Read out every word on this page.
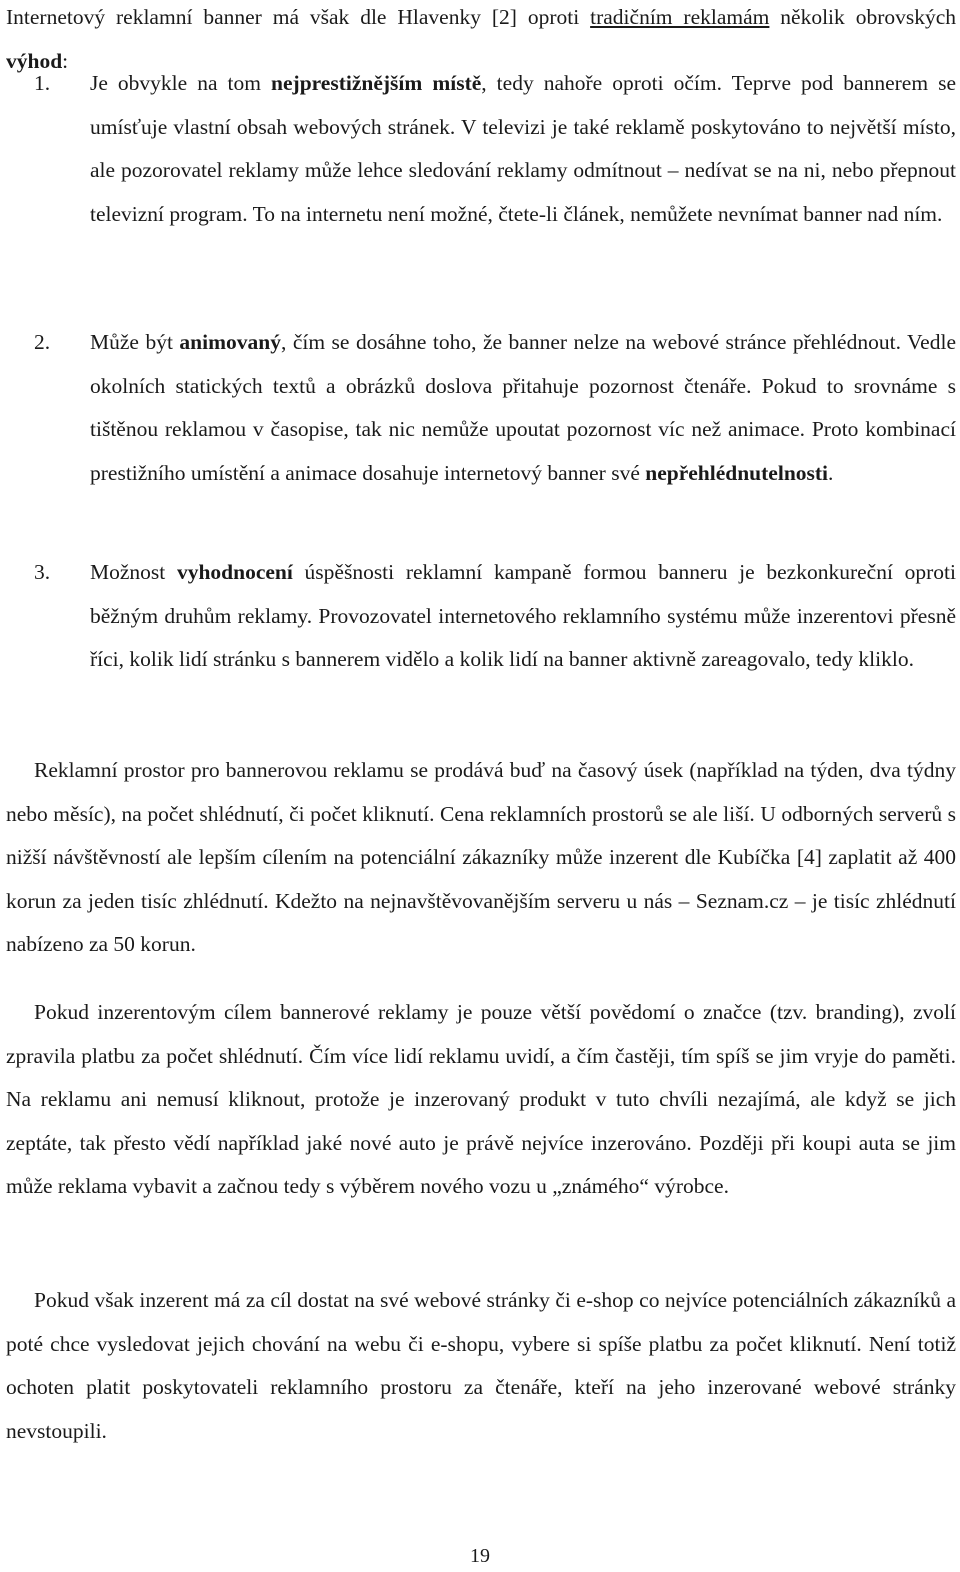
Internetový reklamní banner má však dle Hlavenky [2] oproti tradičním reklamám několik obrovských výhod:

1. Je obvykle na tom nejprestižnějším místě, tedy nahoře oproti očím. Teprve pod bannerem se umísťuje vlastní obsah webových stránek. V televizi je také reklamě poskytováno to největší místo, ale pozorovatel reklamy může lehce sledování reklamy odmítnout – nedívat se na ni, nebo přepnout televizní program. To na internetu není možné, čtete-li článek, nemůžete nevnímat banner nad ním.
2. Může být animovaný, čím se dosáhne toho, že banner nelze na webové stránce přehlédnout. Vedle okolních statických textů a obrázků doslova přitahuje pozornost čtenáře. Pokud to srovnáme s tištěnou reklamou v časopise, tak nic nemůže upoutat pozornost víc než animace. Proto kombinací prestižního umístění a animace dosahuje internetový banner své nepřehlédnutelnosti.
3. Možnost vyhodnocení úspěšnosti reklamní kampaně formou banneru je bezkonkureční oproti běžným druhům reklamy. Provozovatel internetového reklamního systému může inzerentovi přesně říci, kolik lidí stránku s bannerem vidělo a kolik lidí na banner aktivně zareagovalo, tedy kliklo.

Reklamní prostor pro bannerovou reklamu se prodává buď na časový úsek (například na týden, dva týdny nebo měsíc), na počet shlédnutí, či počet kliknutí. Cena reklamních prostorů se ale liší. U odborných serverů s nižší návštěvností ale lepším cílením na potenciální zákazníky může inzerent dle Kubíčka [4] zaplatit až 400 korun za jeden tisíc zhlédnutí. Kdežto na nejnavštěvovanějším serveru u nás – Seznam.cz – je tisíc zhlédnutí nabízeno za 50 korun.

Pokud inzerentovým cílem bannerové reklamy je pouze větší povědomí o značce (tzv. branding), zvolí zpravila platbu za počet shlédnutí. Čím více lidí reklamu uvidí, a čím častěji, tím spíš se jim vryje do paměti. Na reklamu ani nemusí kliknout, protože je inzerovaný produkt v tuto chvíli nezajímá, ale když se jich zeptáte, tak přesto vědí například jaké nové auto je právě nejvíce inzerováno. Později při koupi auta se jim může reklama vybavit a začnou tedy s výběrem nového vozu u „známého“ výrobce.

Pokud však inzerent má za cíl dostat na své webové stránky či e-shop co nejvíce potenciálních zákazníků a poté chce vysledovat jejich chování na webu či e-shopu, vybere si spíše platbu za počet kliknutí. Není totiž ochoten platit poskytovateli reklamního prostoru za čtenáře, kteří na jeho inzerované webové stránky nevstoupili.

19
